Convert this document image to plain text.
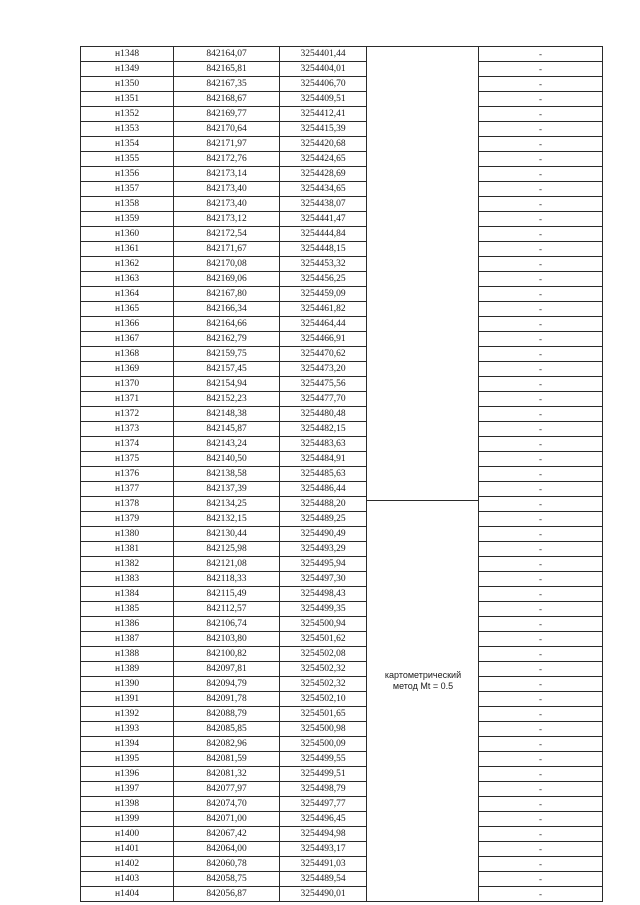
н1348	842164,07	3254401,44		-
н1349	842165,81	3254404,01		-
н1350	842167,35	3254406,70		-
н1351	842168,67	3254409,51		-
н1352	842169,77	3254412,41		-
н1353	842170,64	3254415,39		-
н1354	842171,97	3254420,68		-
н1355	842172,76	3254424,65		-
н1356	842173,14	3254428,69		-
н1357	842173,40	3254434,65		-
н1358	842173,40	3254438,07		-
н1359	842173,12	3254441,47		-
н1360	842172,54	3254444,84		-
н1361	842171,67	3254448,15		-
н1362	842170,08	3254453,32		-
н1363	842169,06	3254456,25		-
н1364	842167,80	3254459,09		-
н1365	842166,34	3254461,82		-
н1366	842164,66	3254464,44		-
н1367	842162,79	3254466,91		-
н1368	842159,75	3254470,62		-
н1369	842157,45	3254473,20		-
н1370	842154,94	3254475,56		-
н1371	842152,23	3254477,70		-
н1372	842148,38	3254480,48		-
н1373	842145,87	3254482,15		-
н1374	842143,24	3254483,63		-
н1375	842140,50	3254484,91		-
н1376	842138,58	3254485,63		-
н1377	842137,39	3254486,44		-
н1378	842134,25	3254488,20		-
н1379	842132,15	3254489,25		-
н1380	842130,44	3254490,49		-
н1381	842125,98	3254493,29		-
н1382	842121,08	3254495,94		-
н1383	842118,33	3254497,30		-
н1384	842115,49	3254498,43		-
н1385	842112,57	3254499,35		-
н1386	842106,74	3254500,94		-
н1387	842103,80	3254501,62		-
н1388	842100,82	3254502,08		-
н1389	842097,81	3254502,32		-
н1390	842094,79	3254502,32		-
н1391	842091,78	3254502,10		-
н1392	842088,79	3254501,65		-
н1393	842085,85	3254500,98		-
н1394	842082,96	3254500,09		-
н1395	842081,59	3254499,55		-
н1396	842081,32	3254499,51		-
н1397	842077,97	3254498,79		-
н1398	842074,70	3254497,77		-
н1399	842071,00	3254496,45		-
н1400	842067,42	3254494,98		-
н1401	842064,00	3254493,17		-
н1402	842060,78	3254491,03		-
н1403	842058,75	3254489,54		-
н1404	842056,87	3254490,01		-
картометрический
метод Mt = 0.5
